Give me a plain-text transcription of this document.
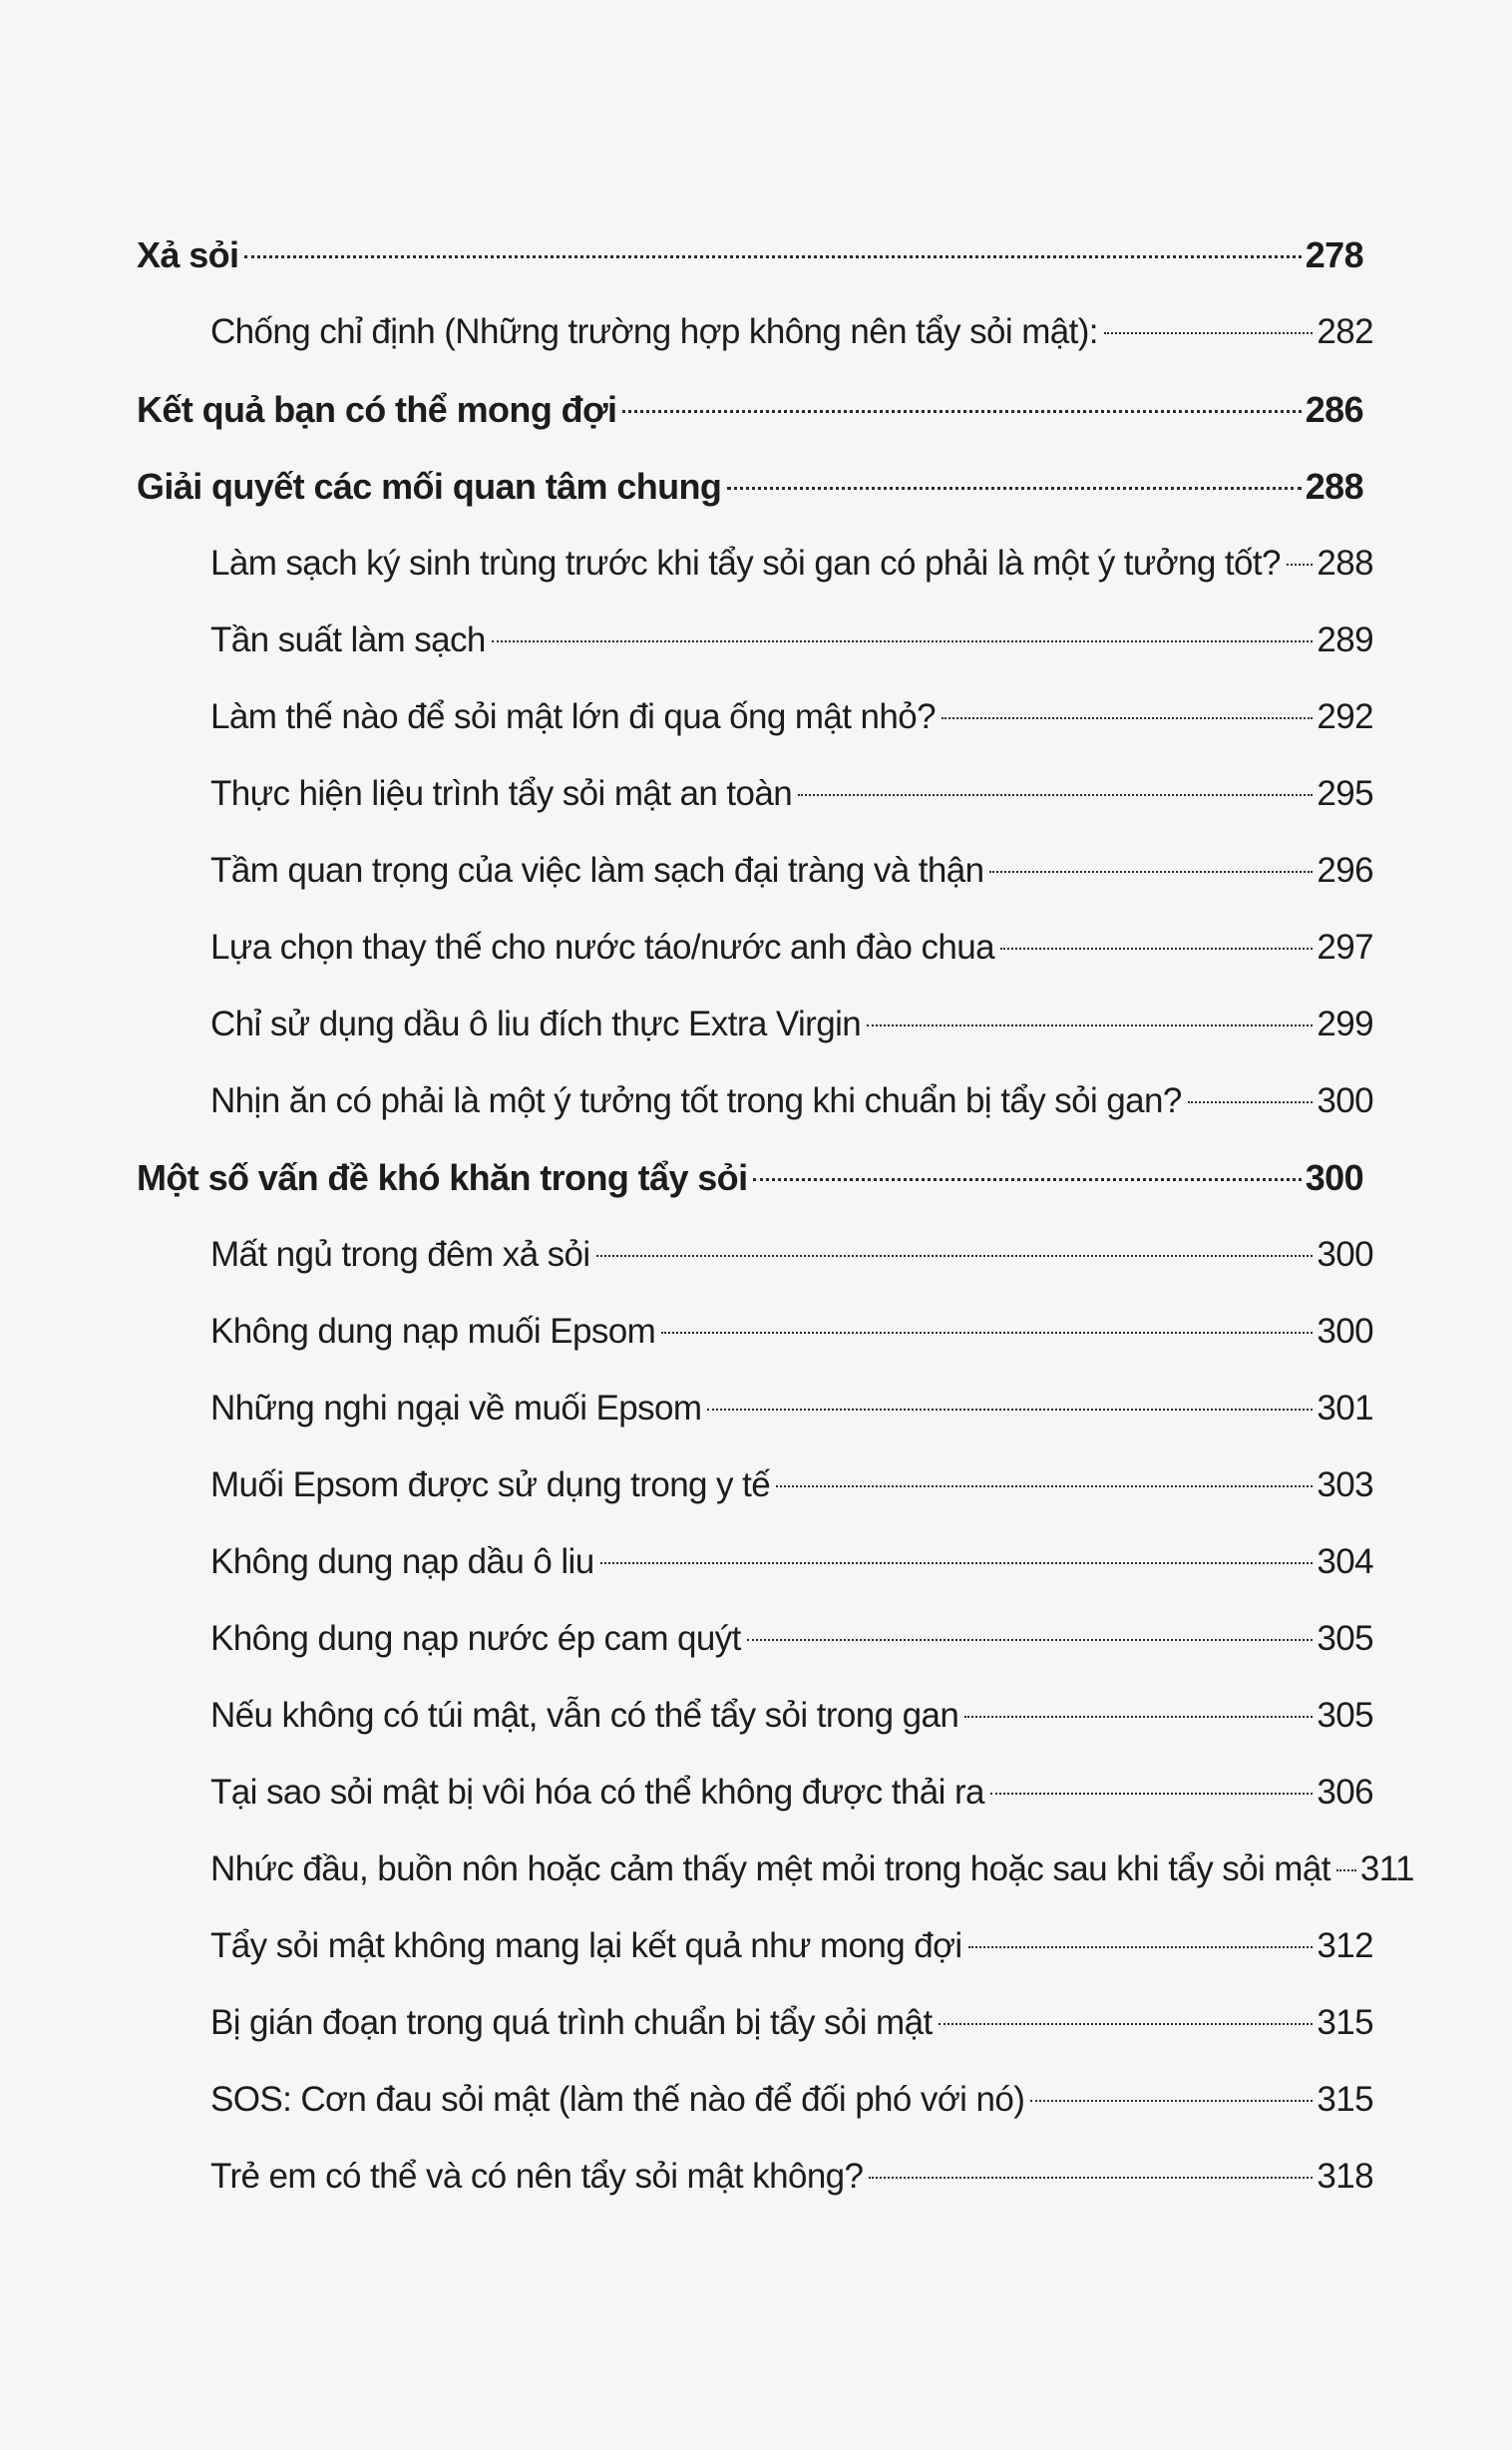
Xả sỏi	278
Chống chỉ định (Những trường hợp không nên tẩy sỏi mật):	282
Kết quả bạn có thể mong đợi	286
Giải quyết các mối quan tâm chung	288
Làm sạch ký sinh trùng trước khi tẩy sỏi gan có phải là một ý tưởng tốt? 288
Tần suất làm sạch	289
Làm thế nào để sỏi mật lớn đi qua ống mật nhỏ?	292
Thực hiện liệu trình tẩy sỏi mật an toàn	295
Tầm quan trọng của việc làm sạch đại tràng và thận	296
Lựa chọn thay thế cho nước táo/nước anh đào chua	297
Chỉ sử dụng dầu ô liu đích thực Extra Virgin	299
Nhịn ăn có phải là một ý tưởng tốt trong khi chuẩn bị tẩy sỏi gan?	300
Một số vấn đề khó khăn trong tẩy sỏi	300
Mất ngủ trong đêm xả sỏi	300
Không dung nạp muối Epsom	300
Những nghi ngại về muối Epsom	301
Muối Epsom được sử dụng trong y tế	303
Không dung nạp dầu ô liu	304
Không dung nạp nước ép cam quýt	305
Nếu không có túi mật, vẫn có thể tẩy sỏi trong gan	305
Tại sao sỏi mật bị vôi hóa có thể không được thải ra	306
Nhức đầu, buồn nôn hoặc cảm thấy mệt mỏi trong hoặc sau khi tẩy sỏi mật 311
Tẩy sỏi mật không mang lại kết quả như mong đợi	312
Bị gián đoạn trong quá trình chuẩn bị tẩy sỏi mật	315
SOS: Cơn đau sỏi mật (làm thế nào để đối phó với nó)	315
Trẻ em có thể và có nên tẩy sỏi mật không?	318
